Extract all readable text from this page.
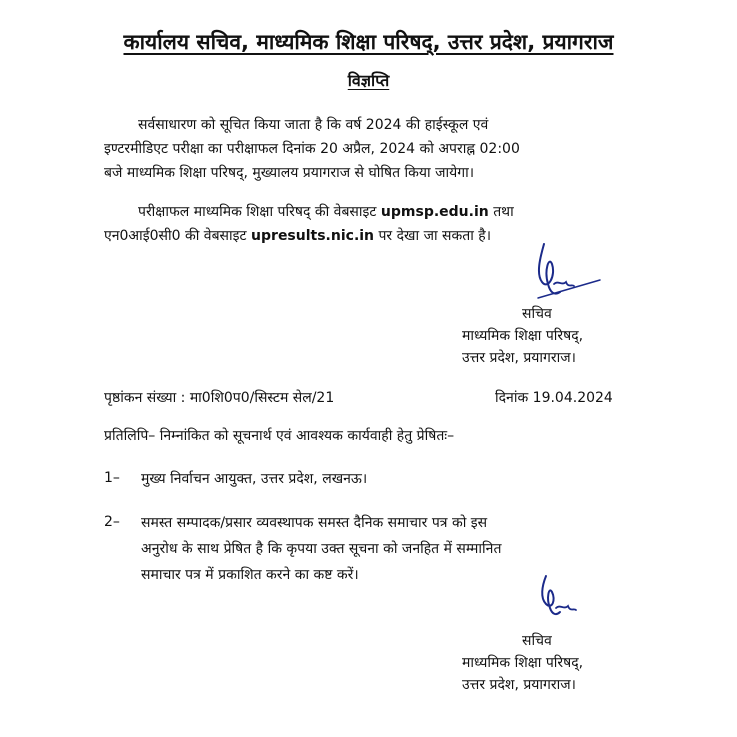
कार्यालय सचिव, माध्यमिक शिक्षा परिषद्, उत्तर प्रदेश, प्रयागराज
विज्ञप्ति
सर्वसाधारण को सूचित किया जाता है कि वर्ष 2024 की हाईस्कूल एवं
इण्टरमीडिएट परीक्षा का परीक्षाफल दिनांक 20 अप्रैल, 2024 को अपराह्न 02:00
बजे माध्यमिक शिक्षा परिषद्, मुख्यालय प्रयागराज से घोषित किया जायेगा।
परीक्षाफल माध्यमिक शिक्षा परिषद् की वेबसाइट upmsp.edu.in तथा
एन0आई0सी0 की वेबसाइट upresults.nic.in पर देखा जा सकता है।
सचिव
माध्यमिक शिक्षा परिषद्,
उत्तर प्रदेश, प्रयागराज।
पृष्ठांकन संख्या : मा0शि0प0/सिस्टम सेल/21	दिनांक 19.04.2024
प्रतिलिपि– निम्नांकित को सूचनार्थ एवं आवश्यक कार्यवाही हेतु प्रेषितः–
1– मुख्य निर्वाचन आयुक्त, उत्तर प्रदेश, लखनऊ।
2– समस्त सम्पादक/प्रसार व्यवस्थापक समस्त दैनिक समाचार पत्र को इस
अनुरोध के साथ प्रेषित है कि कृपया उक्त सूचना को जनहित में सम्मानित
समाचार पत्र में प्रकाशित करने का कष्ट करें।
सचिव
माध्यमिक शिक्षा परिषद्,
उत्तर प्रदेश, प्रयागराज।
